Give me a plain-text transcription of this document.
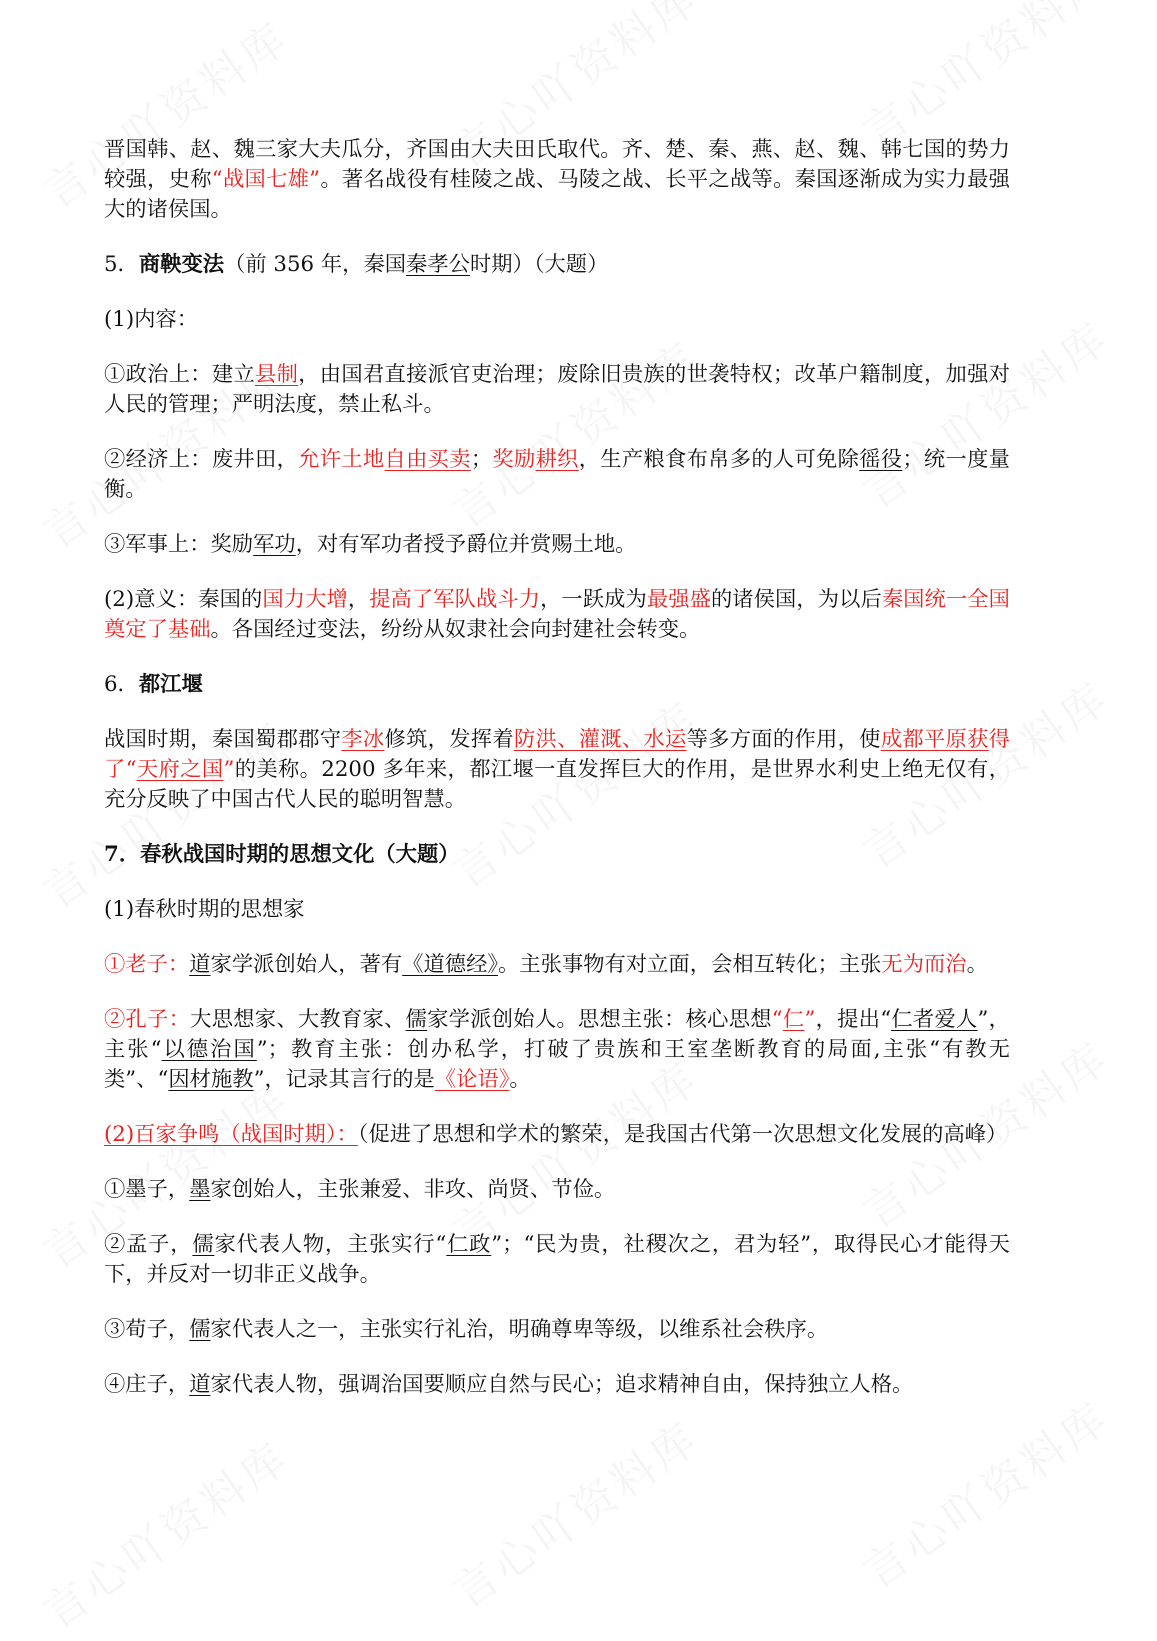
晋国韩、赵、魏三家大夫瓜分，齐国由大夫田氏取代。齐、楚、秦、燕、赵、魏、韩七国的势力较强，史称“战国七雄”。著名战役有桂陵之战、马陵之战、长平之战等。秦国逐渐成为实力最强大的诸侯国。

5．商鞅变法（前 356 年，秦国秦孝公时期）（大题）

(1)内容：

①政治上：建立县制，由国君直接派官吏治理；废除旧贵族的世袭特权；改革户籍制度，加强对人民的管理；严明法度，禁止私斗。

②经济上：废井田，允许土地自由买卖；奖励耕织，生产粮食布帛多的人可免除徭役；统一度量衡。

③军事上：奖励军功，对有军功者授予爵位并赏赐土地。

(2)意义：秦国的国力大增，提高了军队战斗力，一跃成为最强盛的诸侯国，为以后秦国统一全国奠定了基础。各国经过变法，纷纷从奴隶社会向封建社会转变。

6．都江堰

战国时期，秦国蜀郡郡守李冰修筑，发挥着防洪、灌溉、水运等多方面的作用，使成都平原获得了“天府之国”的美称。2200 多年来，都江堰一直发挥巨大的作用，是世界水利史上绝无仅有，充分反映了中国古代人民的聪明智慧。

7．春秋战国时期的思想文化（大题）

(1)春秋时期的思想家

①老子：道家学派创始人，著有《道德经》。主张事物有对立面，会相互转化；主张无为而治。

②孔子：大思想家、大教育家、儒家学派创始人。思想主张：核心思想“仁”，提出“仁者爱人”，主张“以德治国”；教育主张：创办私学，打破了贵族和王室垄断教育的局面,主张“有教无类”、“因材施教”，记录其言行的是《论语》。

(2)百家争鸣（战国时期）：（促进了思想和学术的繁荣，是我国古代第一次思想文化发展的高峰）

①墨子，墨家创始人，主张兼爱、非攻、尚贤、节俭。

②孟子，儒家代表人物，主张实行“仁政”；“民为贵，社稷次之，君为轻”，取得民心才能得天下，并反对一切非正义战争。

③荀子，儒家代表人之一，主张实行礼治，明确尊卑等级，以维系社会秩序。

④庄子，道家代表人物，强调治国要顺应自然与民心；追求精神自由，保持独立人格。
